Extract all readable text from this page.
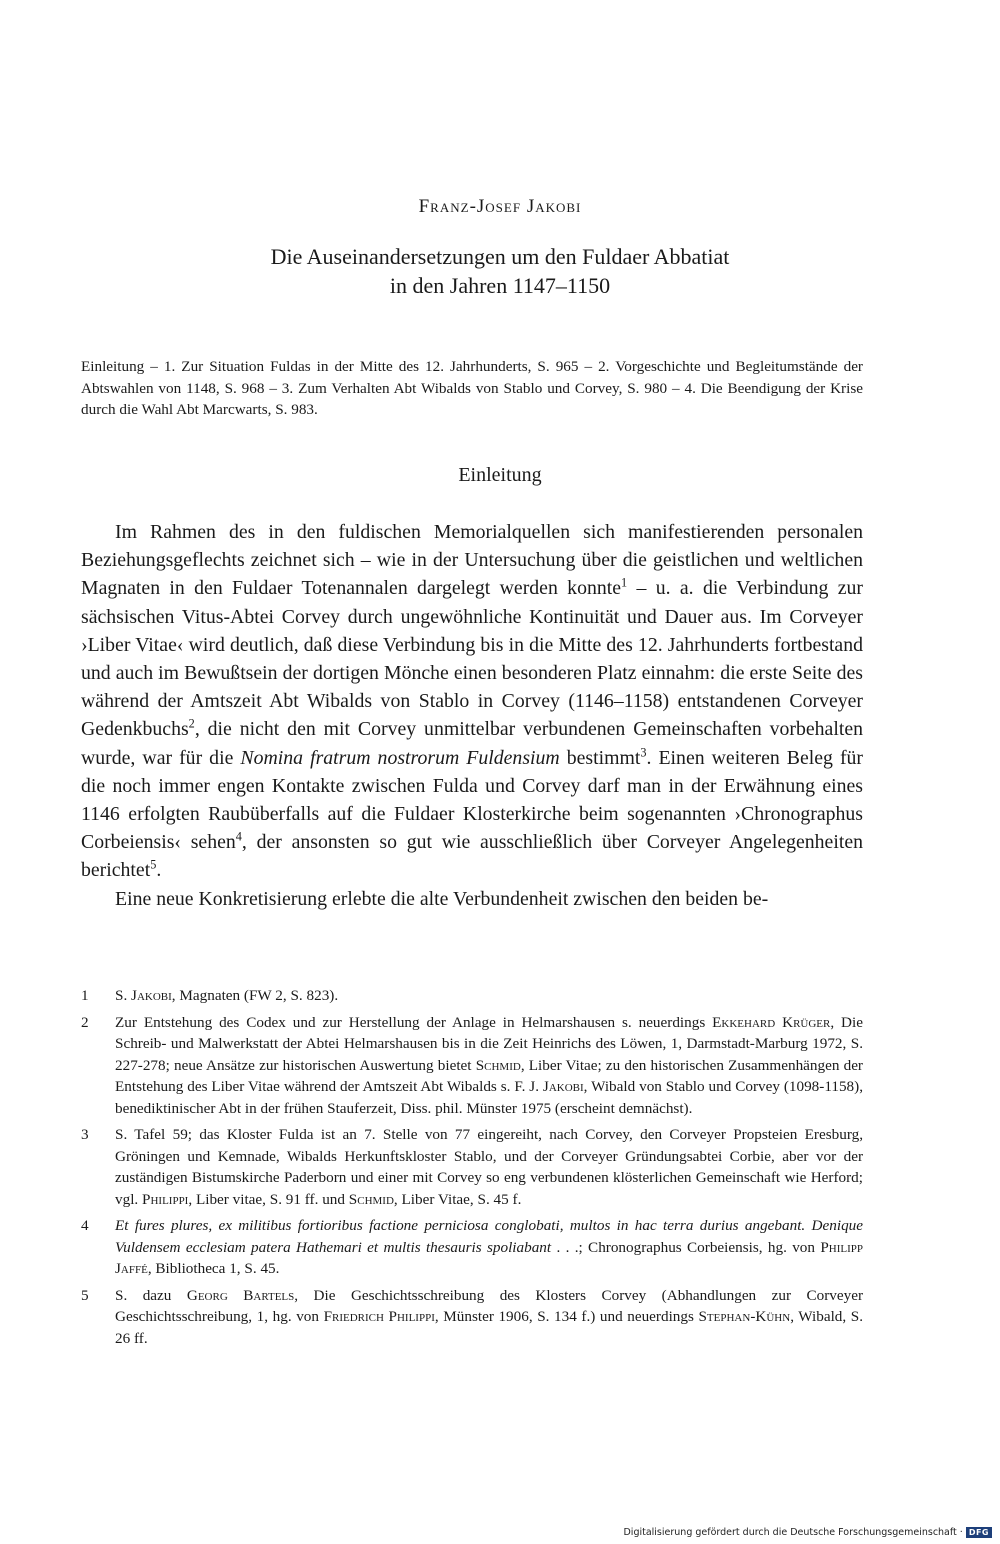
Franz-Josef Jakobi
Die Auseinandersetzungen um den Fuldaer Abbatiat
in den Jahren 1147–1150
Einleitung – 1. Zur Situation Fuldas in der Mitte des 12. Jahrhunderts, S. 965 – 2. Vorgeschichte und Begleitumstände der Abtswahlen von 1148, S. 968 – 3. Zum Verhalten Abt Wibalds von Stablo und Corvey, S. 980 – 4. Die Beendigung der Krise durch die Wahl Abt Marcwarts, S. 983.
Einleitung

Im Rahmen des in den fuldischen Memorialquellen sich manifestierenden personalen Beziehungsgeflechts zeichnet sich – wie in der Untersuchung über die geistlichen und weltlichen Magnaten in den Fuldaer Totenannalen dargelegt werden konnte$^1$ – u. a. die Verbindung zur sächsischen Vitus-Abtei Corvey durch ungewöhnliche Kontinuität und Dauer aus. Im Corveyer ›Liber Vitae‹ wird deutlich, daß diese Verbindung bis in die Mitte des 12. Jahrhunderts fortbestand und auch im Bewußtsein der dortigen Mönche einen besonderen Platz einnahm: die erste Seite des während der Amtszeit Abt Wibalds von Stablo in Corvey (1146–1158) entstandenen Corveyer Gedenkbuchs$^2$, die nicht den mit Corvey unmittelbar verbundenen Gemeinschaften vorbehalten wurde, war für die Nomina fratrum nostrorum Fuldensium bestimmt$^3$. Einen weiteren Beleg für die noch immer engen Kontakte zwischen Fulda und Corvey darf man in der Erwähnung eines 1146 erfolgten Raubüberfalls auf die Fuldaer Klosterkirche beim sogenannten ›Chronographus Corbeiensis‹ sehen$^4$, der ansonsten so gut wie ausschließlich über Corveyer Angelegenheiten berichtet$^5$.

Eine neue Konkretisierung erlebte die alte Verbundenheit zwischen den beiden be-

1 S. Jakobi, Magnaten (FW 2, S. 823).
2 Zur Entstehung des Codex und zur Herstellung der Anlage in Helmarshausen s. neuerdings Ekkehard Krüger, Die Schreib- und Malwerkstatt der Abtei Helmarshausen bis in die Zeit Heinrichs des Löwen, 1, Darmstadt-Marburg 1972, S. 227-278; neue Ansätze zur historischen Auswertung bietet Schmid, Liber Vitae; zu den historischen Zusammenhängen der Entstehung des Liber Vitae während der Amtszeit Abt Wibalds s. F. J. Jakobi, Wibald von Stablo und Corvey (1098-1158), benediktinischer Abt in der frühen Stauferzeit, Diss. phil. Münster 1975 (erscheint demnächst).
3 S. Tafel 59; das Kloster Fulda ist an 7. Stelle von 77 eingereiht, nach Corvey, den Corveyer Propsteien Eresburg, Gröningen und Kemnade, Wibalds Herkunftskloster Stablo, und der Corveyer Gründungsabtei Corbie, aber vor der zuständigen Bistumskirche Paderborn und einer mit Corvey so eng verbundenen klösterlichen Gemeinschaft wie Herford; vgl. Philippi, Liber vitae, S. 91 ff. und Schmid, Liber Vitae, S. 45 f.
4 Et fures plures, ex militibus fortioribus factione perniciosa conglobati, multos in hac terra durius angebant. Denique Vuldensem ecclesiam patera Hathemari et multis thesauris spoliabant . . .; Chronographus Corbeiensis, hg. von Philipp Jaffé, Bibliotheca 1, S. 45.
5 S. dazu Georg Bartels, Die Geschichtsschreibung des Klosters Corvey (Abhandlungen zur Corveyer Geschichtsschreibung, 1, hg. von Friedrich Philippi, Münster 1906, S. 134 f.) und neuerdings Stephan-Kühn, Wibald, S. 26 ff.
Digitalisierung gefördert durch die Deutsche Forschungsgemeinschaft · DFG
